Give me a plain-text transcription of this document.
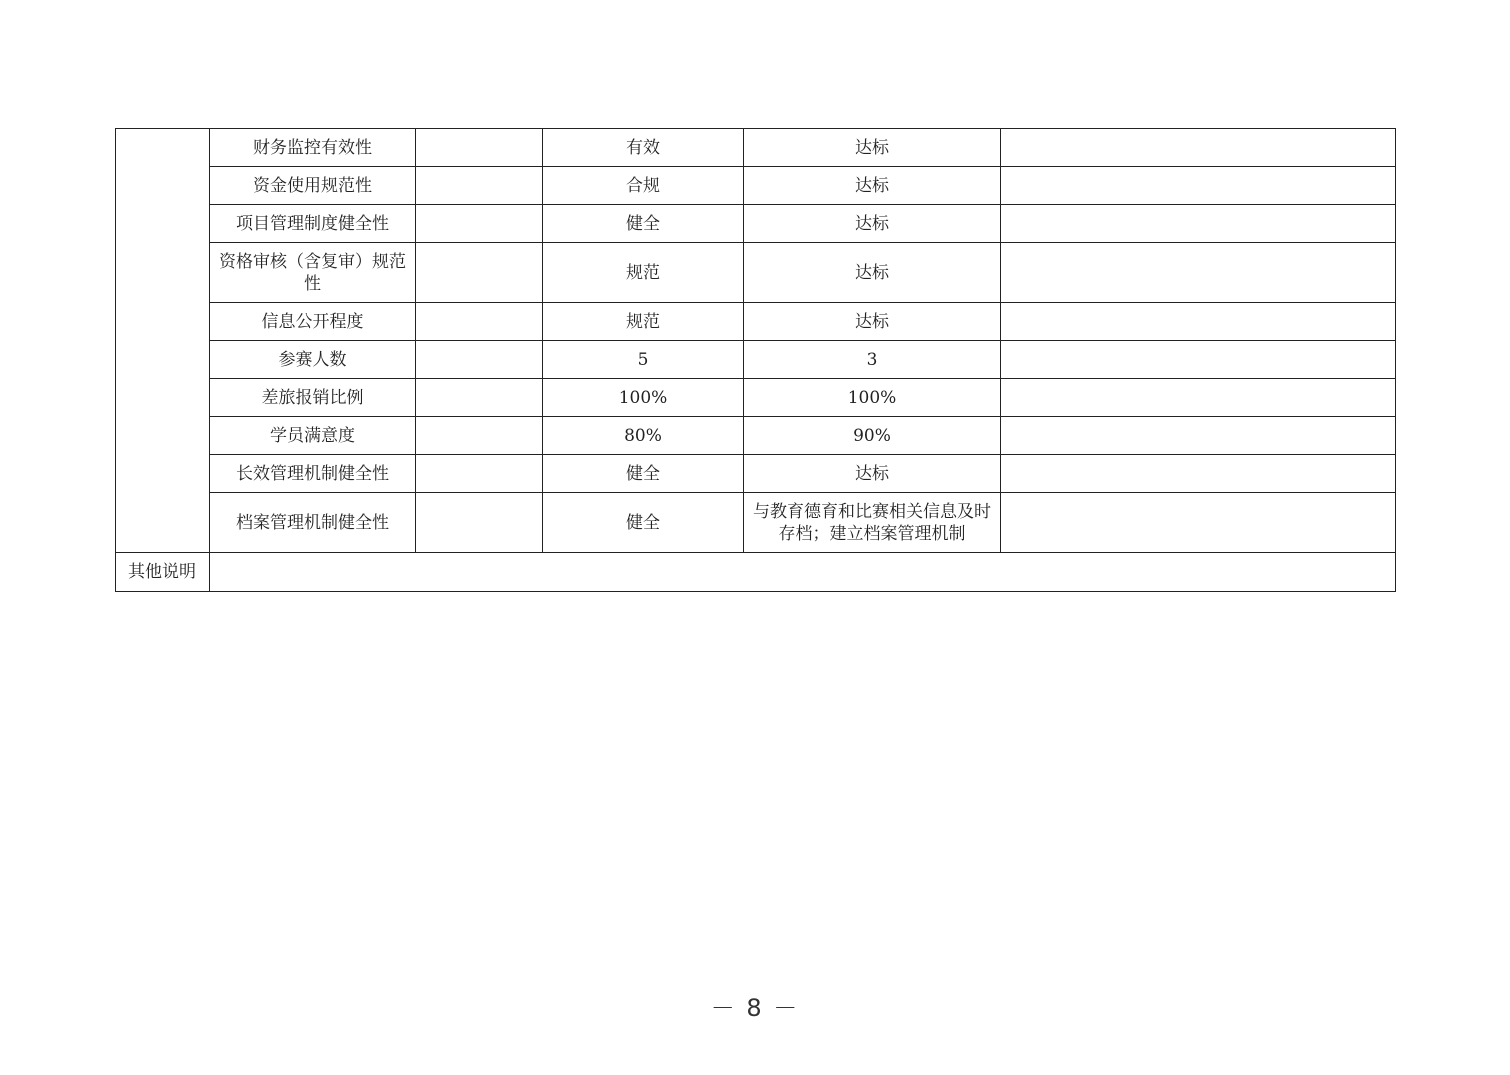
	财务监控有效性		有效	达标	
	资金使用规范性		合规	达标	
	项目管理制度健全性		健全	达标	
	资格审核（含复审）规范性		规范	达标	
	信息公开程度		规范	达标	
	参赛人数		5	3	
	差旅报销比例		100%	100%	
	学员满意度		80%	90%	
	长效管理机制健全性		健全	达标	
	档案管理机制健全性		健全	与教育德育和比赛相关信息及时存档；建立档案管理机制	
其他说明					
－ 8 －
